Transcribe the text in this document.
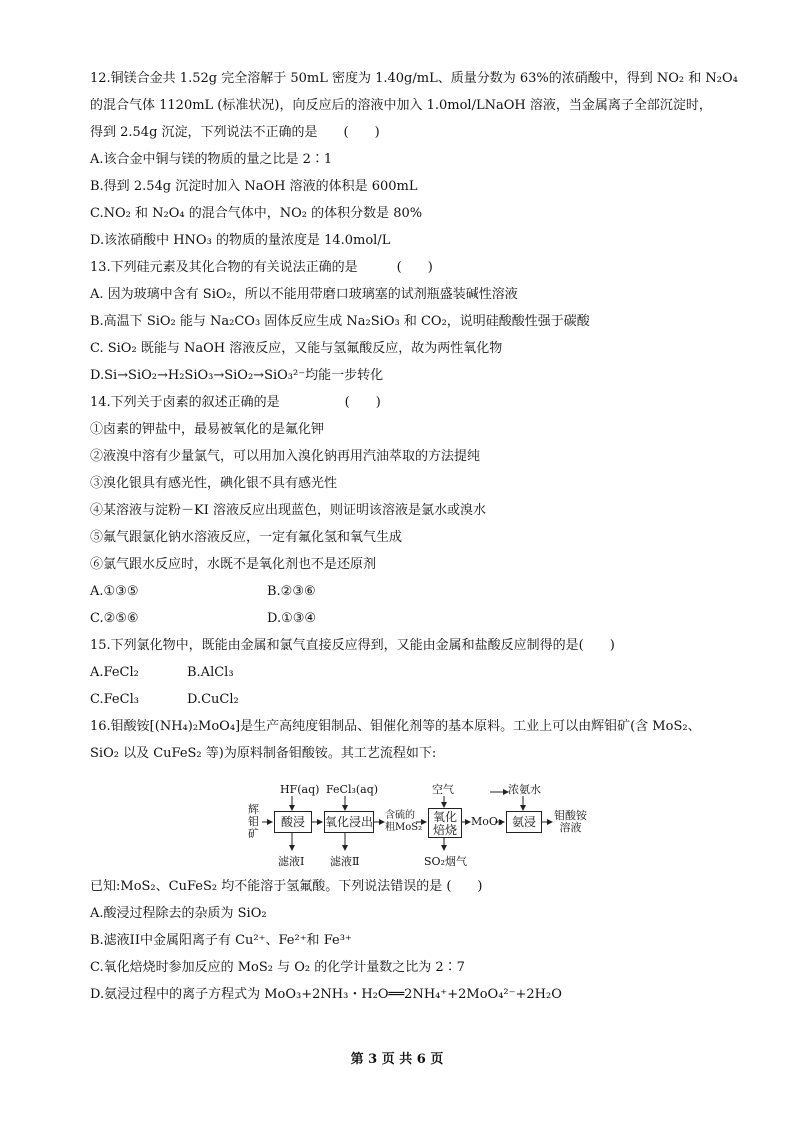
12.铜镁合金共 1.52g 完全溶解于 50mL 密度为 1.40g/mL、质量分数为 63%的浓硝酸中，得到 NO₂ 和 N₂O₄
的混合气体 1120mL (标准状况)，向反应后的溶液中加入 1.0mol/LNaOH 溶液，当金属离子全部沉淀时，
得到 2.54g 沉淀，下列说法不正确的是　　(　　)
A.该合金中铜与镁的物质的量之比是 2∶1
B.得到 2.54g 沉淀时加入 NaOH 溶液的体积是 600mL
C.NO₂ 和 N₂O₄ 的混合气体中，NO₂ 的体积分数是 80%
D.该浓硝酸中 HNO₃ 的物质的量浓度是 14.0mol/L
13.下列硅元素及其化合物的有关说法正确的是　　　(　　)
A. 因为玻璃中含有 SiO₂，所以不能用带磨口玻璃塞的试剂瓶盛装碱性溶液
B.高温下 SiO₂ 能与 Na₂CO₃ 固体反应生成 Na₂SiO₃ 和 CO₂，说明硅酸酸性强于碳酸
C. SiO₂ 既能与 NaOH 溶液反应，又能与氢氟酸反应，故为两性氧化物
D.Si→SiO₂→H₂SiO₃→SiO₂→SiO₃²⁻均能一步转化
14.下列关于卤素的叙述正确的是　　　　　(　　)
①卤素的钾盐中，最易被氧化的是氟化钾
②液溴中溶有少量氯气，可以用加入溴化钠再用汽油萃取的方法提纯
③溴化银具有感光性，碘化银不具有感光性
④某溶液与淀粉－KI 溶液反应出现蓝色，则证明该溶液是氯水或溴水
⑤氟气跟氯化钠水溶液反应，一定有氟化氢和氧气生成
⑥氯气跟水反应时，水既不是氧化剂也不是还原剂
A.①③⑤	B.②③⑥
C.②⑤⑥	D.①③④
15.下列氯化物中，既能由金属和氯气直接反应得到，又能由金属和盐酸反应制得的是(　　)
A.FeCl₂	B.AlCl₃
C.FeCl₃	D.CuCl₂
16.钼酸铵[(NH₄)₂MoO₄]是生产高纯度钼制品、钼催化剂等的基本原料。工业上可以由辉钼矿(含 MoS₂、
SiO₂ 以及 CuFeS₂ 等)为原料制备钼酸铵。其工艺流程如下:
辉钼矿
HF(aq) FeCl₃(aq)	空气	浓氨水
酸浸	氧化浸出 含硫的
粗MoS₂
氧化
焙烧
MoO₃ 氨浸	钼酸铵
溶液
滤液Ⅰ 滤液Ⅱ	SO₂烟气
已知:MoS₂、CuFeS₂ 均不能溶于氢氟酸。下列说法错误的是 (　　)
A.酸浸过程除去的杂质为 SiO₂
B.滤液II中金属阳离子有 Cu²⁺、Fe²⁺和 Fe³⁺
C.氧化焙烧时参加反应的 MoS₂ 与 O₂ 的化学计量数之比为 2∶7
D.氨浸过程中的离子方程式为 MoO₃+2NH₃・H₂O══2NH₄⁺+2MoO₄²⁻+2H₂O
第 3 页 共 6 页
